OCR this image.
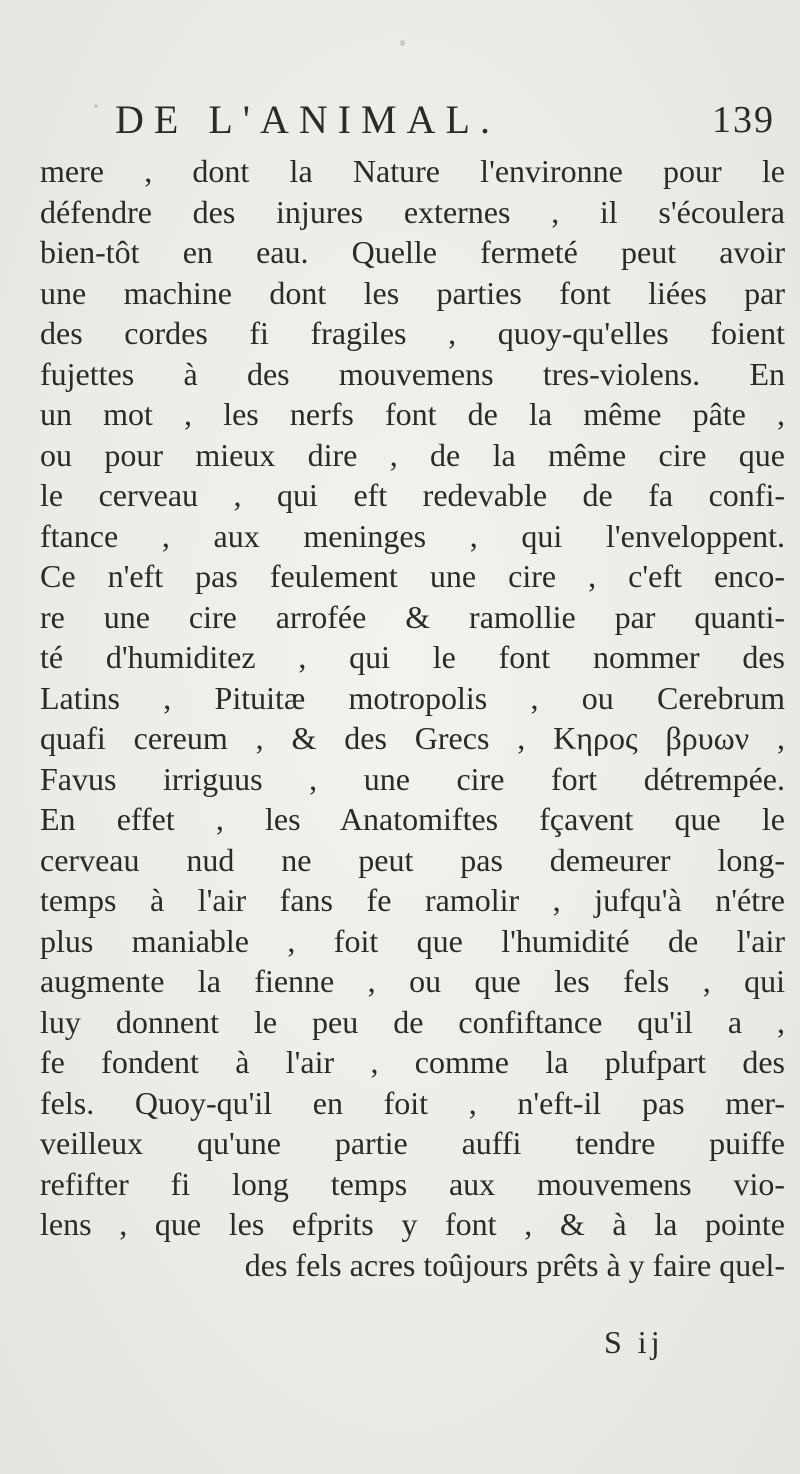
DE L'ANIMAL.	139
mere , dont la Nature l'environne pour le
défendre des injures externes , il s'écoulera
bien-tôt en eau. Quelle fermeté peut avoir
une machine dont les parties font liées par
des cordes fi fragiles , quoy-qu'elles foient
fujettes à des mouvemens tres-violens. En
un mot , les nerfs font de la même pâte ,
ou pour mieux dire , de la même cire que
le cerveau , qui eft redevable de fa confi-
ftance , aux meninges , qui l'enveloppent.
Ce n'eft pas feulement une cire , c'eft enco-
re une cire arrofée & ramollie par quanti-
té d'humiditez , qui le font nommer des
Latins , Pituitæ motropolis , ou Cerebrum
quafi cereum , & des Grecs , Κηρος βρυων ,
Favus irriguus , une cire fort détrempée.
En effet , les Anatomiftes fçavent que le
cerveau nud ne peut pas demeurer long-
temps à l'air fans fe ramolir , jufqu'à n'étre
plus maniable , foit que l'humidité de l'air
augmente la fienne , ou que les fels , qui
luy donnent le peu de confiftance qu'il a ,
fe fondent à l'air , comme la plufpart des
fels. Quoy-qu'il en foit , n'eft-il pas mer-
veilleux qu'une partie auffi tendre puiffe
refifter fi long temps aux mouvemens vio-
lens , que les efprits y font , & à la pointe
des fels acres toûjours prêts à y faire quel-
S ij
